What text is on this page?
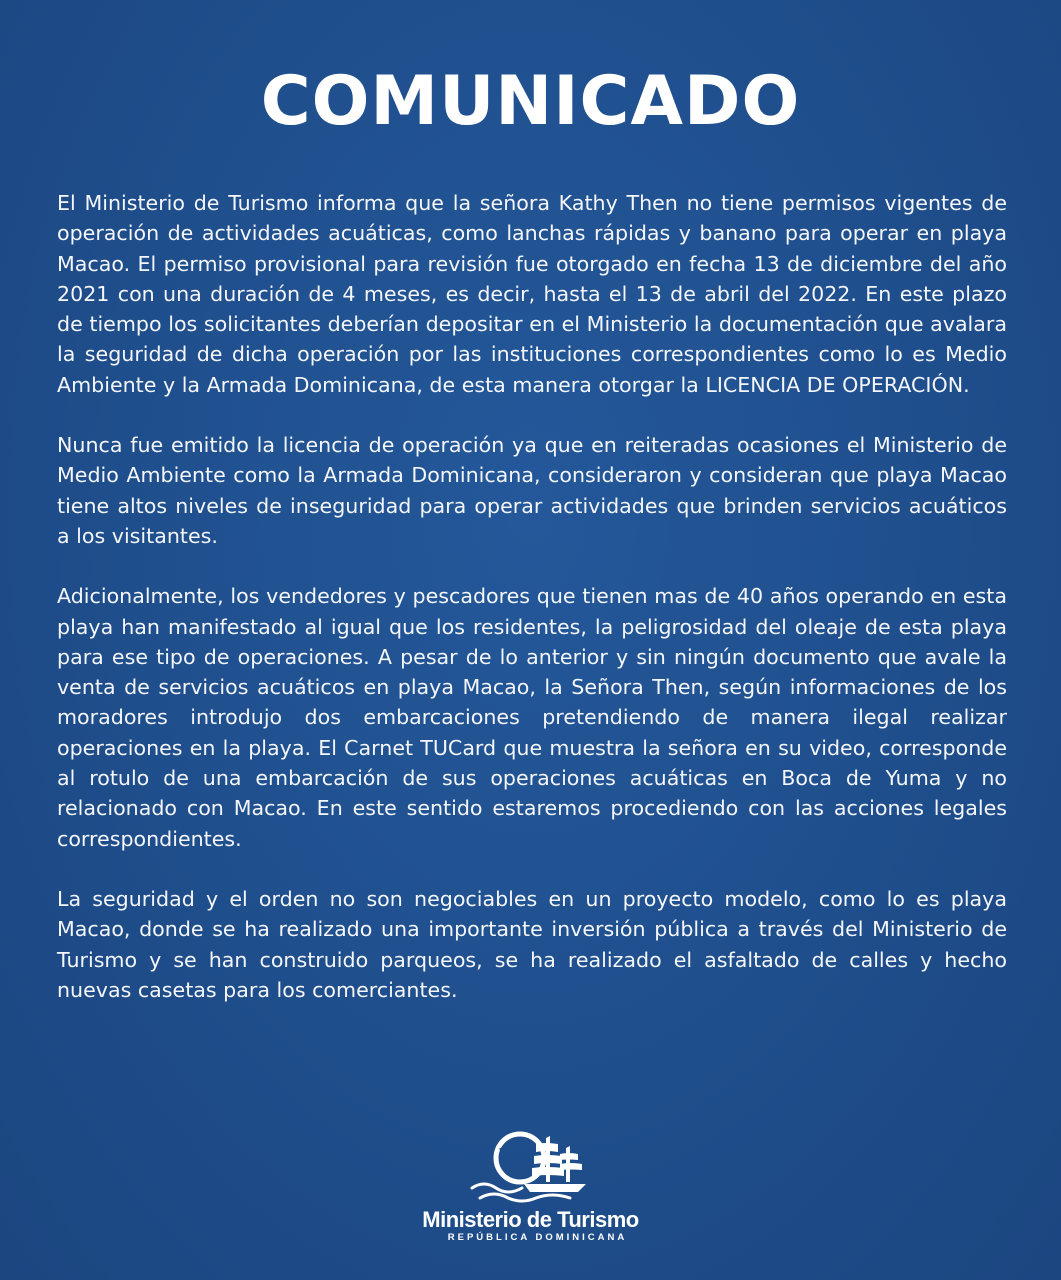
COMUNICADO

El Ministerio de Turismo informa que la señora Kathy Then no tiene permisos vigentes de operación de actividades acuáticas, como lanchas rápidas y banano para operar en playa Macao. El permiso provisional para revisión fue otorgado en fecha 13 de diciembre del año 2021 con una duración de 4 meses, es decir, hasta el 13 de abril del 2022. En este plazo de tiempo los solicitantes deberían depositar en el Ministerio la documentación que avalara la seguridad de dicha operación por las instituciones correspondientes como lo es Medio Ambiente y la Armada Dominicana, de esta manera otorgar la LICENCIA DE OPERACIÓN.

Nunca fue emitido la licencia de operación ya que en reiteradas ocasiones el Ministerio de Medio Ambiente como la Armada Dominicana, consideraron y consideran que playa Macao tiene altos niveles de inseguridad para operar actividades que brinden servicios acuáticos a los visitantes.

Adicionalmente, los vendedores y pescadores que tienen mas de 40 años operando en esta playa han manifestado al igual que los residentes, la peligrosidad del oleaje de esta playa para ese tipo de operaciones. A pesar de lo anterior y sin ningún documento que avale la venta de servicios acuáticos en playa Macao, la Señora Then, según informaciones de los moradores introdujo dos embarcaciones pretendiendo de manera ilegal realizar operaciones en la playa. El Carnet TUCard que muestra la señora en su video, corresponde al rotulo de una embarcación de sus operaciones acuáticas en Boca de Yuma y no relacionado con Macao. En este sentido estaremos procediendo con las acciones legales correspondientes.

La seguridad y el orden no son negociables en un proyecto modelo, como lo es playa Macao, donde se ha realizado una importante inversión pública a través del Ministerio de Turismo y se han construido parqueos, se ha realizado el asfaltado de calles y hecho nuevas casetas para los comerciantes.

Ministerio de Turismo
REPÚBLICA DOMINICANA
